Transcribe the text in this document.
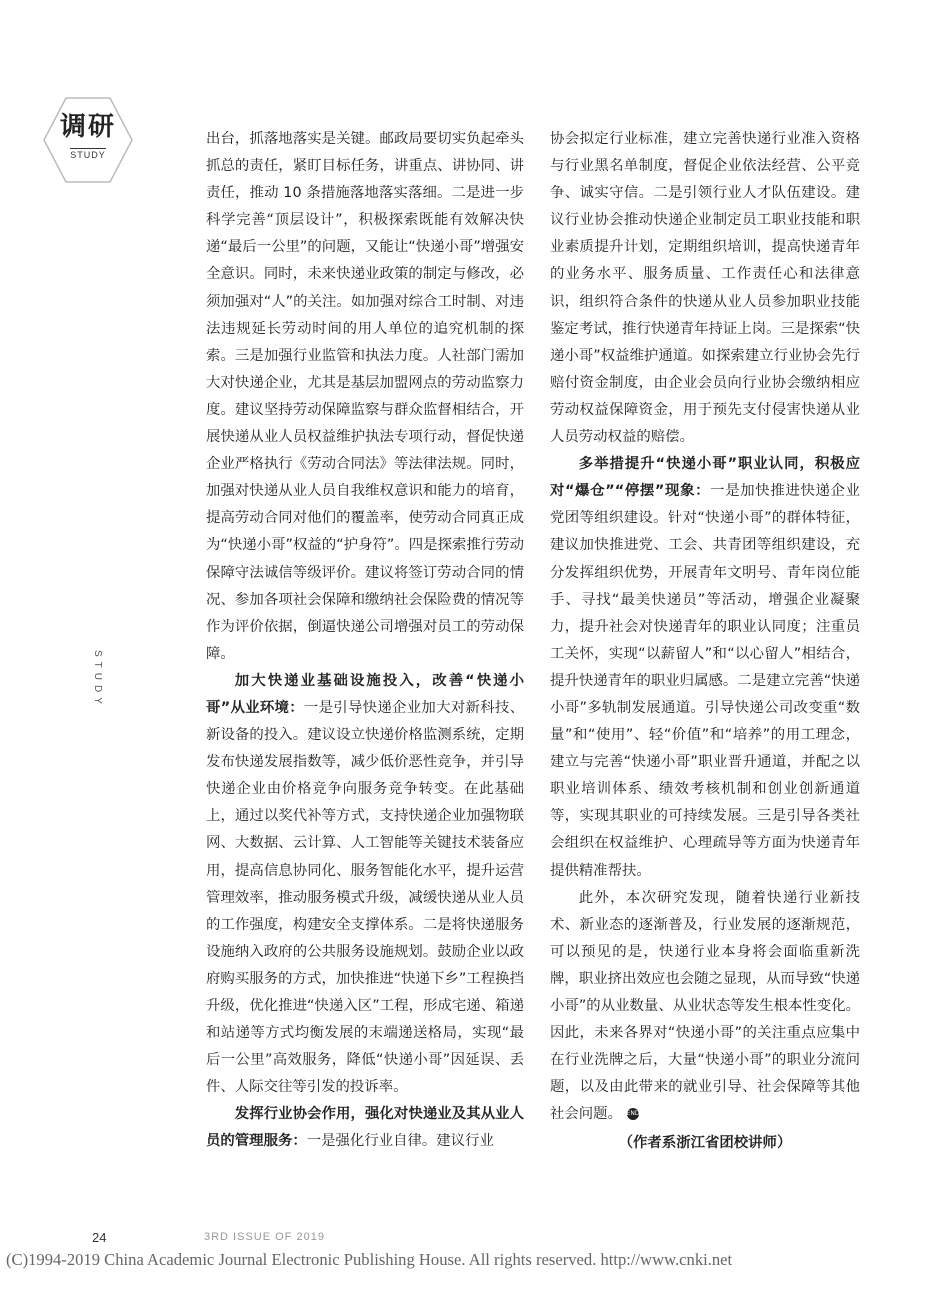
调研
STUDY
STUDY

出台，抓落地落实是关键。邮政局要切实负起牵头抓总的责任，紧盯目标任务，讲重点、讲协同、讲责任，推动 10 条措施落地落实落细。二是进一步科学完善“顶层设计”，积极探索既能有效解决快递“最后一公里”的问题，又能让“快递小哥”增强安全意识。同时，未来快递业政策的制定与修改，必须加强对“人”的关注。如加强对综合工时制、对违法违规延长劳动时间的用人单位的追究机制的探索。三是加强行业监管和执法力度。人社部门需加大对快递企业，尤其是基层加盟网点的劳动监察力度。建议坚持劳动保障监察与群众监督相结合，开展快递从业人员权益维护执法专项行动，督促快递企业严格执行《劳动合同法》等法律法规。同时，加强对快递从业人员自我维权意识和能力的培育，提高劳动合同对他们的覆盖率，使劳动合同真正成为“快递小哥”权益的“护身符”。四是探索推行劳动保障守法诚信等级评价。建议将签订劳动合同的情况、参加各项社会保障和缴纳社会保险费的情况等作为评价依据，倒逼快递公司增强对员工的劳动保障。

加大快递业基础设施投入，改善“快递小哥”从业环境：一是引导快递企业加大对新科技、新设备的投入。建议设立快递价格监测系统，定期发布快递发展指数等，减少低价恶性竞争，并引导快递企业由价格竞争向服务竞争转变。在此基础上，通过以奖代补等方式，支持快递企业加强物联网、大数据、云计算、人工智能等关键技术装备应用，提高信息协同化、服务智能化水平，提升运营管理效率，推动服务模式升级，减缓快递从业人员的工作强度，构建安全支撑体系。二是将快递服务设施纳入政府的公共服务设施规划。鼓励企业以政府购买服务的方式，加快推进“快递下乡”工程换挡升级，优化推进“快递入区”工程，形成宅递、箱递和站递等方式均衡发展的末端递送格局，实现“最后一公里”高效服务，降低“快递小哥”因延误、丢件、人际交往等引发的投诉率。

发挥行业协会作用，强化对快递业及其从业人员的管理服务：一是强化行业自律。建议行业

协会拟定行业标准，建立完善快递行业准入资格与行业黑名单制度，督促企业依法经营、公平竞争、诚实守信。二是引领行业人才队伍建设。建议行业协会推动快递企业制定员工职业技能和职业素质提升计划，定期组织培训，提高快递青年的业务水平、服务质量、工作责任心和法律意识，组织符合条件的快递从业人员参加职业技能鉴定考试，推行快递青年持证上岗。三是探索“快递小哥”权益维护通道。如探索建立行业协会先行赔付资金制度，由企业会员向行业协会缴纳相应劳动权益保障资金，用于预先支付侵害快递从业人员劳动权益的赔偿。

多举措提升“快递小哥”职业认同，积极应对“爆仓”“停摆”现象：一是加快推进快递企业党团等组织建设。针对“快递小哥”的群体特征，建议加快推进党、工会、共青团等组织建设，充分发挥组织优势，开展青年文明号、青年岗位能手、寻找“最美快递员”等活动，增强企业凝聚力，提升社会对快递青年的职业认同度；注重员工关怀，实现“以薪留人”和“以心留人”相结合，提升快递青年的职业归属感。二是建立完善“快递小哥”多轨制发展通道。引导快递公司改变重“数量”和“使用”、轻“价值”和“培养”的用工理念，建立与完善“快递小哥”职业晋升通道，并配之以职业培训体系、绩效考核机制和创业创新通道等，实现其职业的可持续发展。三是引导各类社会组织在权益维护、心理疏导等方面为快递青年提供精准帮扶。

此外，本次研究发现，随着快递行业新技术、新业态的逐渐普及，行业发展的逐渐规范，可以预见的是，快递行业本身将会面临重新洗牌，职业挤出效应也会随之显现，从而导致“快递小哥”的从业数量、从业状态等发生根本性变化。因此，未来各界对“快递小哥”的关注重点应集中在行业洗牌之后，大量“快递小哥”的职业分流问题，以及由此带来的就业引导、社会保障等其他社会问题。 END

（作者系浙江省团校讲师）

24	3RD ISSUE OF 2019
(C)1994-2019 China Academic Journal Electronic Publishing House. All rights reserved. http://www.cnki.net
